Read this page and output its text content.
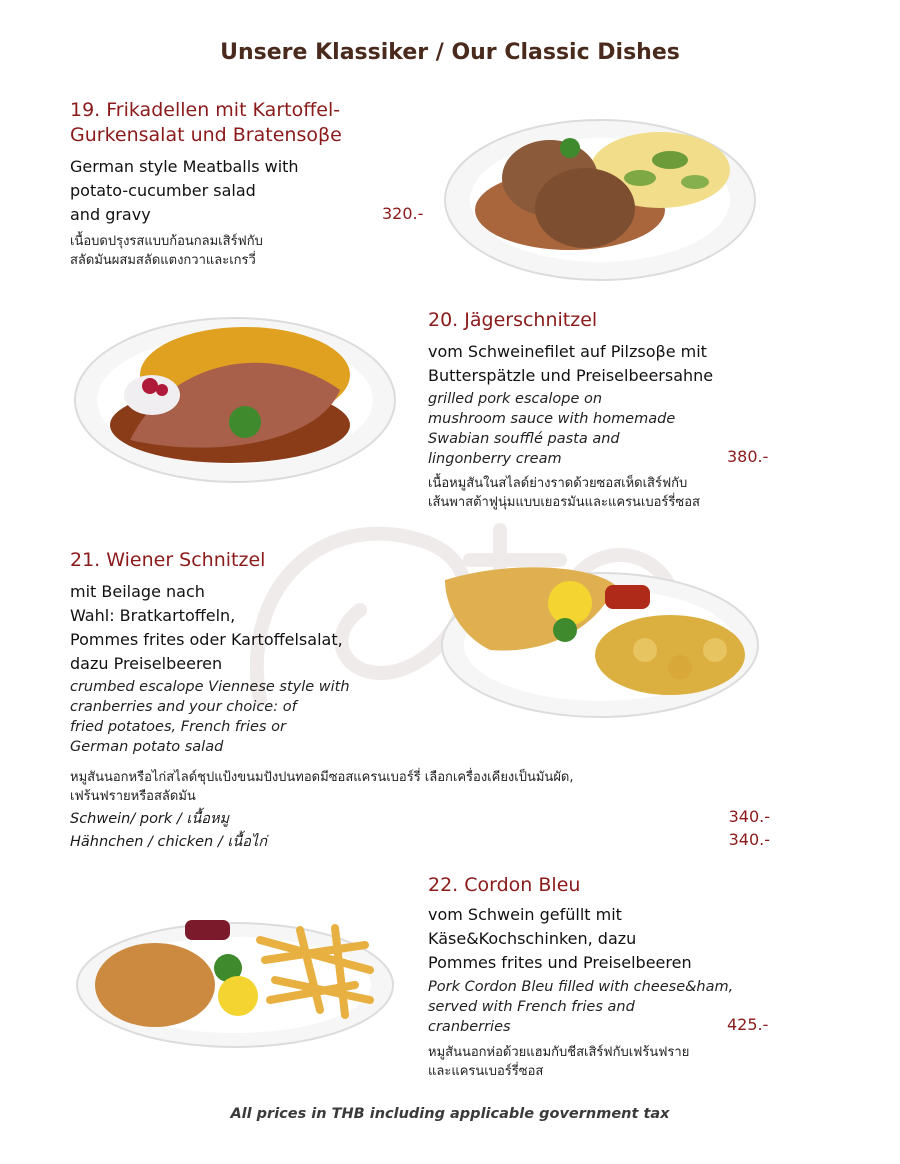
Unsere Klassiker / Our Classic Dishes
19. Frikadellen mit Kartoffel-
Gurkensalat und Bratensoβe
German style Meatballs with
potato-cucumber salad
and gravy	320.-
เนื้อบดปรุงรสแบบก้อนกลมเสิร์ฟกับ
สลัดมันผสมสลัดแตงกวาและเกรวี่
20. Jägerschnitzel
vom Schweinefilet auf Pilzsoβe mit
Butterspätzle und Preiselbeersahne
grilled pork escalope on
mushroom sauce with homemade
Swabian soufflé pasta and
lingonberry cream	380.-
เนื้อหมูสันในสไลด์ย่างราดด้วยซอสเห็ดเสิร์ฟกับ
เส้นพาสต้าฟูนุ่มแบบเยอรมันและแครนเบอร์รี่ซอส
21. Wiener Schnitzel
mit Beilage nach
Wahl: Bratkartoffeln,
Pommes frites oder Kartoffelsalat,
dazu Preiselbeeren
crumbed escalope Viennese style with
cranberries and your choice: of
fried potatoes, French fries or
German potato salad
หมูสันนอกหรือไก่สไลด์ชุปแป้งขนมปังปนทอดมีซอสแครนเบอร์รี่ เลือกเครื่องเคียงเป็นมันผัด,
เฟร้นฟรายหรือสลัดมัน
Schwein/ pork / เนื้อหมู	340.-
Hähnchen / chicken / เนื้อไก่	340.-
22. Cordon Bleu
vom Schwein gefüllt mit
Käse&Kochschinken, dazu
Pommes frites und Preiselbeeren
Pork Cordon Bleu filled with cheese&ham,
served with French fries and
cranberries	425.-
หมูสันนอกห่อด้วยแฮมกับชีสเสิร์ฟกับเฟร้นฟราย
และแครนเบอร์รี่ซอส
All prices in THB including applicable government tax
